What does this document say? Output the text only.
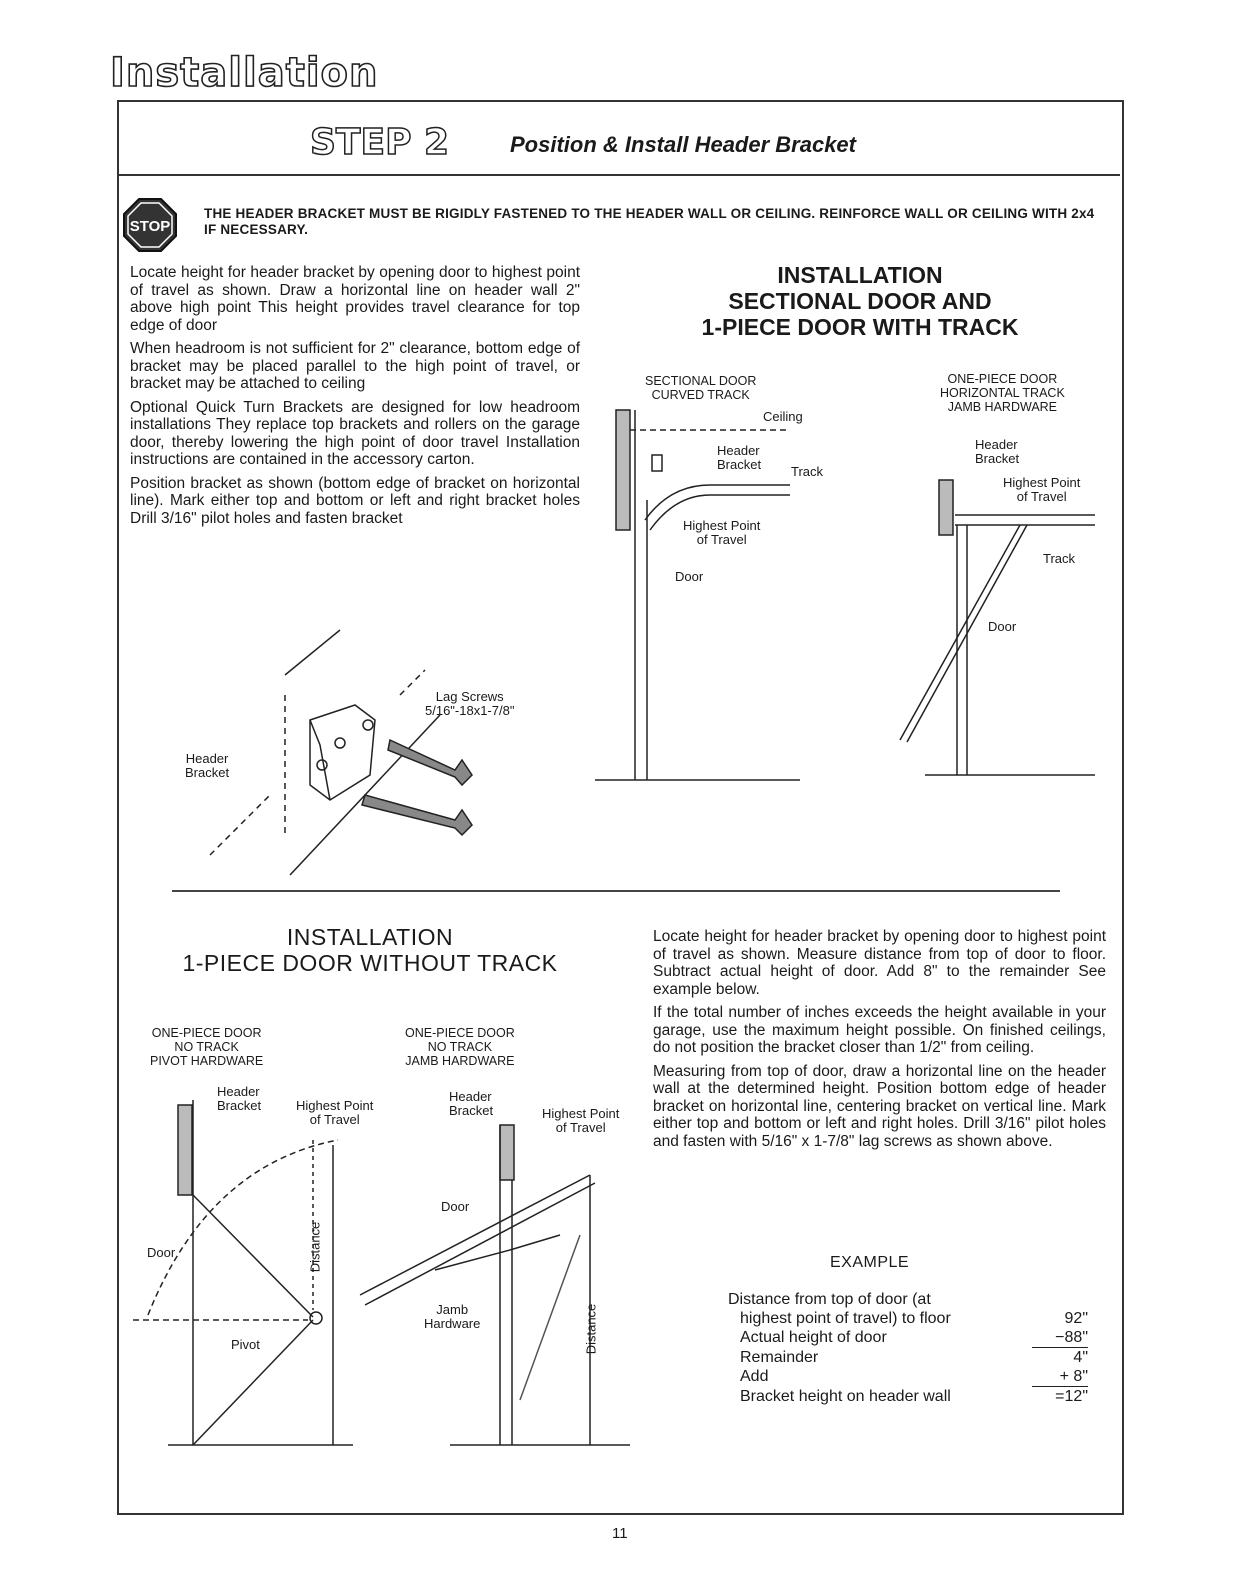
Installation
STEP 2	Position & Install Header Bracket
STOP
THE HEADER BRACKET MUST BE RIGIDLY FASTENED TO THE HEADER WALL OR CEILING. REINFORCE WALL OR CEILING WITH 2x4 IF NECESSARY.

Locate height for header bracket by opening door to highest point of travel as shown. Draw a horizontal line on header wall 2" above high point This height provides travel clearance for top edge of door

When headroom is not sufficient for 2" clearance, bottom edge of bracket may be placed parallel to the high point of travel, or bracket may be attached to ceiling

Optional Quick Turn Brackets are designed for low headroom installations They replace top brackets and rollers on the garage door, thereby lowering the high point of door travel Installation instructions are contained in the accessory carton.

Position bracket as shown (bottom edge of bracket on horizontal line). Mark either top and bottom or left and right bracket holes Drill 3/16" pilot holes and fasten bracket

Header
Bracket
Lag Screws
5/16"-18x1-7/8"
INSTALLATION
SECTIONAL DOOR AND
1-PIECE DOOR WITH TRACK
SECTIONAL DOOR
CURVED TRACK
Ceiling
Header
Bracket Track
Highest Point
of Travel
Door
ONE-PIECE DOOR
HORIZONTAL TRACK
JAMB HARDWARE
Header
Bracket
Highest Point
of Travel
Track
Door
INSTALLATION
1-PIECE DOOR WITHOUT TRACK
ONE-PIECE DOOR
NO TRACK
PIVOT HARDWARE
Header
Bracket	Highest Point
of Travel
Door
Pivot
Distance
ONE-PIECE DOOR
NO TRACK
JAMB HARDWARE
Header
Bracket	Highest Point
of Travel
Door
Jamb
Hardware	Distance

Locate height for header bracket by opening door to highest point of travel as shown. Measure distance from top of door to floor. Subtract actual height of door. Add 8" to the remainder See example below.

If the total number of inches exceeds the height available in your garage, use the maximum height possible. On finished ceilings, do not position the bracket closer than 1/2" from ceiling.

Measuring from top of door, draw a horizontal line on the header wall at the determined height. Position bottom edge of header bracket on horizontal line, centering bracket on vertical line. Mark either top and bottom or left and right holes. Drill 3/16" pilot holes and fasten with 5/16" x 1-7/8" lag screws as shown above.

EXAMPLE
Distance from top of door (at
highest point of travel) to floor	92"
Actual height of door	−88"
Remainder	4"
Add	+ 8"
Bracket height on header wall	=12"
11
